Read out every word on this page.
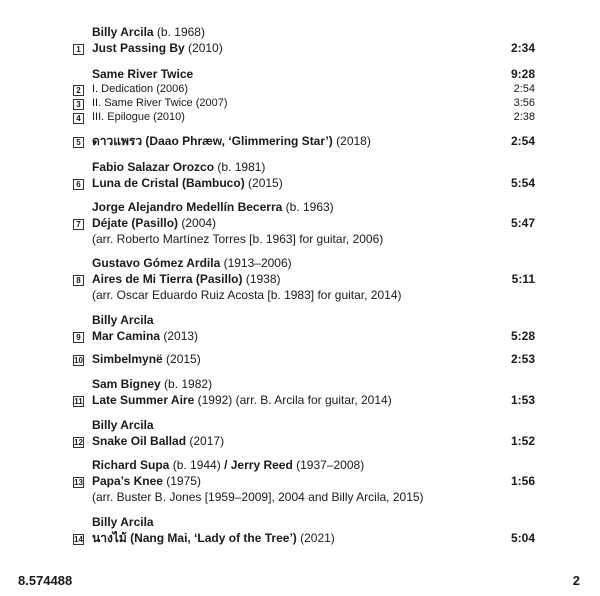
Billy Arcila (b. 1968)
1 Just Passing By (2010)	2:34
Same River Twice	9:28
2 I. Dedication (2006)	2:54
3 II. Same River Twice (2007)	3:56
4 III. Epilogue (2010)	2:38
5 ดาวแพรว (Daao Phræw, ‘Glimmering Star’) (2018)	2:54
Fabio Salazar Orozco (b. 1981)
6 Luna de Cristal (Bambuco) (2015)	5:54
Jorge Alejandro Medellín Becerra (b. 1963)
7 Déjate (Pasillo) (2004)	5:47
(arr. Roberto Martínez Torres [b. 1963] for guitar, 2006)
Gustavo Gómez Ardila (1913–2006)
8 Aires de Mi Tierra (Pasillo) (1938)	5:11
(arr. Oscar Eduardo Ruiz Acosta [b. 1983] for guitar, 2014)
Billy Arcila
9 Mar Camina (2013)	5:28
10 Simbelmynë (2015)	2:53
Sam Bigney (b. 1982)
11 Late Summer Aire (1992) (arr. B. Arcila for guitar, 2014)	1:53
Billy Arcila
12 Snake Oil Ballad (2017)	1:52
Richard Supa (b. 1944) / Jerry Reed (1937–2008)
13 Papa’s Knee (1975)	1:56
(arr. Buster B. Jones [1959–2009], 2004 and Billy Arcila, 2015)
Billy Arcila
14 นางไม้ (Nang Mai, ‘Lady of the Tree’) (2021)	5:04
8.574488	2
